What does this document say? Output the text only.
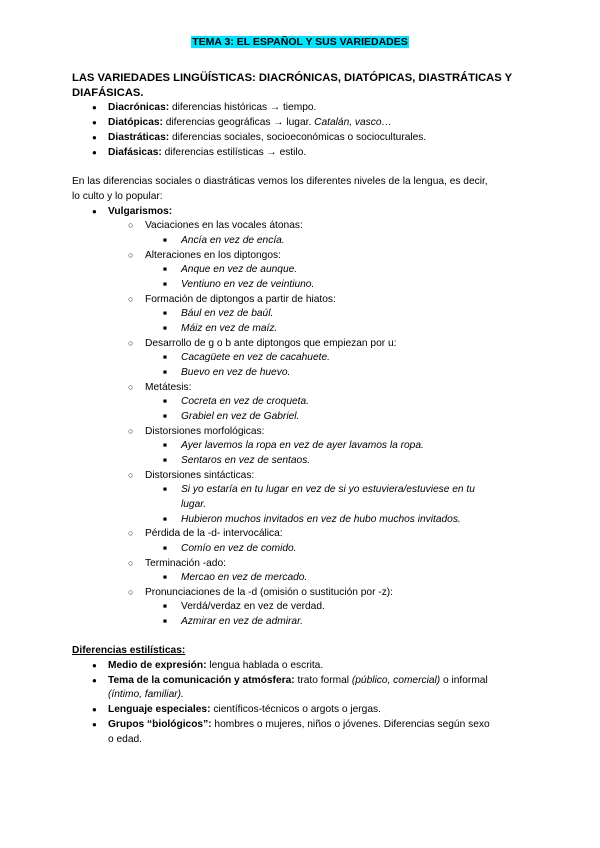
TEMA 3: EL ESPAÑOL Y SUS VARIEDADES
LAS VARIEDADES LINGÜÍSTICAS: DIACRÓNICAS, DIATÓPICAS, DIASTRÁTICAS Y DIAFÁSICAS.
● Diacrónicas: diferencias históricas → tiempo.
● Diatópicas: diferencias geográficas → lugar. Catalán, vasco…
● Diastráticas: diferencias sociales, socioeconómicas o socioculturales.
● Diafásicas: diferencias estilísticas → estilo.
En las diferencias sociales o diastráticas vemos los diferentes niveles de la lengua, es decir,
lo culto y lo popular:
● Vulgarismos:
○ Vaciaciones en las vocales átonas:
■ Ancía en vez de encía.
○ Alteraciones en los diptongos:
■ Anque en vez de aunque.
■ Ventiuno en vez de veintiuno.
○ Formación de diptongos a partir de hiatos:
■ Bául en vez de baúl.
■ Máiz en vez de maíz.
○ Desarrollo de g o b ante diptongos que empiezan por u:
■ Cacagüete en vez de cacahuete.
■ Buevo en vez de huevo.
○ Metátesis:
■ Cocreta en vez de croqueta.
■ Grabiel en vez de Gabriel.
○ Distorsiones morfológicas:
■ Ayer lavemos la ropa en vez de ayer lavamos la ropa.
■ Sentaros en vez de sentaos.
○ Distorsiones sintácticas:
■ Si yo estaría en tu lugar en vez de si yo estuviera/estuviese en tu
lugar.
■ Hubieron muchos invitados en vez de hubo muchos invitados.
○ Pérdida de la -d- intervocálica:
■ Comío en vez de comido.
○ Terminación -ado:
■ Mercao en vez de mercado.
○ Pronunciaciones de la -d (omisión o sustitución por -z):
■ Verdá/verdaz en vez de verdad.
■ Azmirar en vez de admirar.
Diferencias estilísticas:
● Medio de expresión: lengua hablada o escrita.
● Tema de la comunicación y atmósfera: trato formal (público, comercial) o informal
(íntimo, familiar).
● Lenguaje especiales: científicos-técnicos o argots o jergas.
● Grupos “biológicos”: hombres o mujeres, niños o jóvenes. Diferencias según sexo
o edad.
